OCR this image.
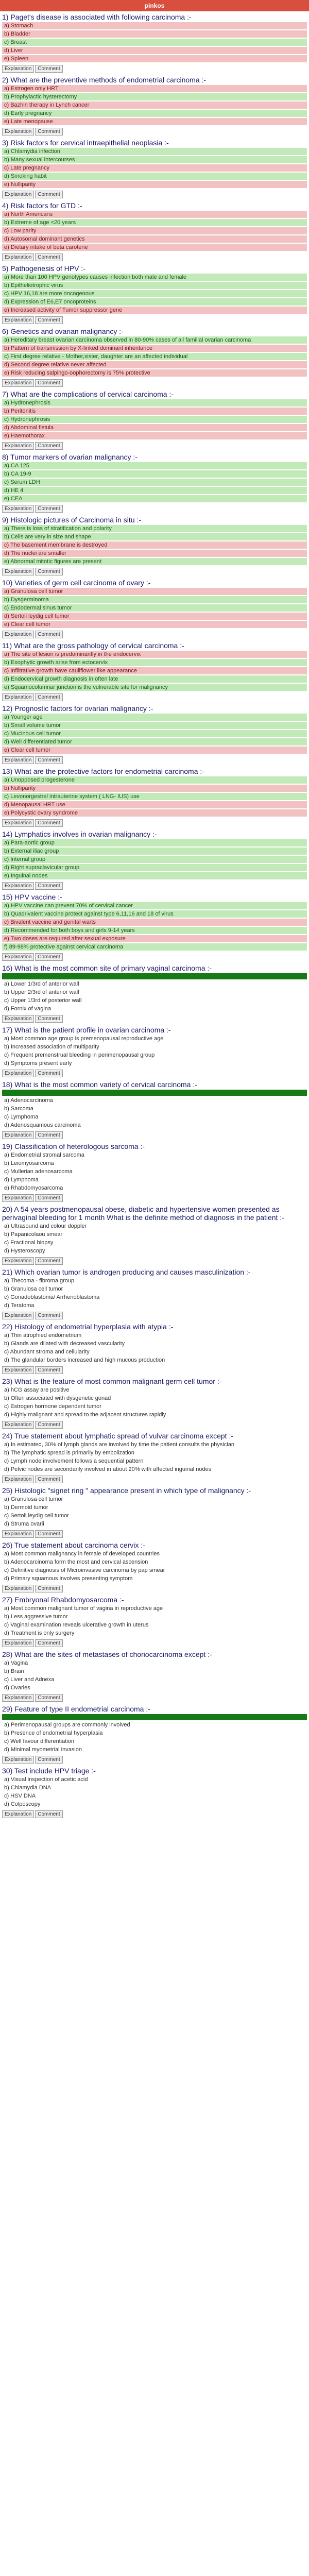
pinkos
1) Paget's disease is associated with following carcinoma :-
a) Stomach
b) Bladder
c) Breast
d) Liver
e) Spleen
Explanation Comment
2) What are the preventive methods of endometrial carcinoma :-
a) Estrogen only HRT
b) Prophylactic hysterectomy
c) Bazhin therapy in Lynch cancer
d) Early pregnancy
e) Late menopause
Explanation Comment
3) Risk factors for cervical intraepithelial neoplasia :-
a) Chlamydia infection
b) Many sexual intercourses
c) Late pregnancy
d) Smoking habit
e) Nulliparity
Explanation Comment
4) Risk factors for GTD :-
a) North Americans
b) Extreme of age <20 years
c) Low parity
d) Autosomal dominant genetics
e) Dietary intake of beta carotene
Explanation Comment
5) Pathogenesis of HPV :-
a) More than 100 HPV genotypes causes infection both male and female
b) Epitheliotrophic virus
c) HPV 16,18 are more oncogenous
d) Expression of E6,E7 oncoproteins
e) Increased activity of Tumor suppressor gene
Explanation Comment
6) Genetics and ovarian malignancy :-
a) Hereditary breast ovarian carcinoma observed in 80-90% cases of all familial ovarian carcinoma
b) Pattern of transmission by X-linked dominant inheritance
c) First degree relative - Mother,sister, daughter are an affected individual
d) Second degree relative never affected
e) Risk reducing salpingo-oophorectomy is 75% protective
Explanation Comment
7) What are the complications of cervical carcinoma :-
a) Hydronephrosis
b) Peritonitis
c) Hydronephrosis
d) Abdominal fistula
e) Haemothorax
Explanation Comment
8) Tumor markers of ovarian malignancy :-
a) CA 125
b) CA 19-9
c) Serum LDH
d) HE 4
e) CEA
Explanation Comment
9) Histologic pictures of Carcinoma in situ :-
a) There is loss of stratification and polarity
b) Cells are very in size and shape
c) The basement membrane is destroyed
d) The nuclei are smaller
e) Abnormal mitotic figures are present
Explanation Comment
10) Varieties of germ cell carcinoma of ovary :-
a) Granulosa cell tumor
b) Dysgerminoma
c) Endodermal sinus tumor
d) Sertoli leydig cell tumor
e) Clear cell tumor
Explanation Comment
11) What are the gross pathology of cervical carcinoma :-
a) The site of lesion is predominantly in the endocervix
b) Exophytic growth arise from ectocervix
c) Infiltrative growth have cauliflower like appearance
d) Endocervical growth diagnosis in often late
e) Squamocolumnar junction is the vulnerable site for malignancy
Explanation Comment
12) Prognostic factors for ovarian malignancy :-
a) Younger age
b) Small volume tumor
c) Mucinous cell tumor
d) Well differentiated tumor
e) Clear cell tumor
Explanation Comment
13) What are the protective factors for endometrial carcinoma :-
a) Unopposed progesterone
b) Nulliparity
c) Levonorgestrel intrauterine system ( LNG- IUS) use
d) Menopausal HRT use
e) Polycystic ovary syndrome
Explanation Comment
14) Lymphatics involves in ovarian malignancy :-
a) Para-aortic group
b) External iliac group
c) Internal group
d) Right supraclavicular group
e) Inguinal nodes
Explanation Comment
15) HPV vaccine :-
a) HPV vaccine can prevent 70% of cervical cancer
b) Quadrivalent vaccine protect against type 6,11,16 and 18 of virus
c) Bivalent vaccine and genital warts
d) Recommended for both boys and girls 9-14 years
e) Two doses are required after sexual exposure
f) 89-98% protective against cervical carcinoma
Explanation Comment
16) What is the most common site of primary vaginal carcinoma :-
a) Lower 1/3rd of anterior wall
b) Upper 2/3rd of anterior wall
c) Upper 1/3rd of posterior wall
d) Fornix of vagina
Explanation Comment
17) What is the patient profile in ovarian carcinoma :-
a) Most common age group is premenopausal reproductive age
b) Increased association of multiparity
c) Frequent premenstrual bleeding in perimenopausal group
d) Symptoms present early
Explanation Comment
18) What is the most common variety of cervical carcinoma :-
a) Adenocarcinoma
b) Sarcoma
c) Lymphoma
d) Adenosquamous carcinoma
Explanation Comment
19) Classification of heterologous sarcoma :-
a) Endometrial stromal sarcoma
b) Leiomyosarcoma
c) Mullerian adenosarcoma
d) Lymphoma
e) Rhabdomyosarcoma
Explanation Comment
20) A 54 years postmenopausal obese, diabetic and hypertensive women presented as perivaginal bleeding for 1 month What is the definite method of diagnosis in the patient :-
a) Ultrasound and colour doppler
b) Papanicolaou smear
c) Fractional biopsy
d) Hysteroscopy
Explanation Comment
21) Which ovarian tumor is androgen producing and causes masculinization :-
a) Thecoma - fibroma group
b) Granulosa cell tumor
c) Gonadoblastoma/ Arrhenoblastoma
d) Teratoma
Explanation Comment
22) Histology of endometrial hyperplasia with atypia :-
a) Thin atrophied endometrium
b) Glands are dilated with decreased vascularity
c) Abundant stroma and cellularity
d) The glandular borders increased and high mucous production
Explanation Comment
23) What is the feature of most common malignant germ cell tumor :-
a) hCG assay are positive
b) Often associated with dysgenetic gonad
c) Estrogen hormone dependent tumor
d) Highly malignant and spread to the adjacent structures rapidly
Explanation Comment
24) True statement about lymphatic spread of vulvar carcinoma except :-
a) In estimated, 30% of lymph glands are involved by time the patient consults the physician
b) The lymphatic spread is primarily by embolization
c) Lymph node involvement follows a sequential pattern
d) Pelvic nodes are secondarily involved in about 20% with affected inguinal nodes
Explanation Comment
25) Histologic "signet ring " appearance present in which type of malignancy :-
a) Granulosa cell tumor
b) Dermoid tumor
c) Sertoli leydig cell tumor
d) Struma ovarii
Explanation Comment
26) True statement about carcinoma cervix :-
a) Most common malignancy in female of developed countries
b) Adenocarcinoma form the most and cervical ascension
c) Definitive diagnosis of Microinvasive carcinoma by pap smear
d) Primary squamous involves presenting symptom
Explanation Comment
27) Embryonal Rhabdomyosarcoma :-
a) Most common malignant tumor of vagina in reproductive age
b) Less aggressive tumor
c) Vaginal examination reveals ulcerative growth in uterus
d) Treatment is only surgery
Explanation Comment
28) What are the sites of metastases of choriocarcinoma except :-
a) Vagina
b) Brain
c) Liver and Adnexa
d) Ovaries
Explanation Comment
29) Feature of type II endometrial carcinoma :-
a) Perimenopausal groups are commonly involved
b) Presence of endometrial hyperplasia
c) Well favour differentiation
d) Minimal myometrial invasion
Explanation Comment
30) Test include HPV triage :-
a) Visual inspection of acetic acid
b) Chlamydia DNA
c) HSV DNA
d) Colposcopy
Explanation Comment
